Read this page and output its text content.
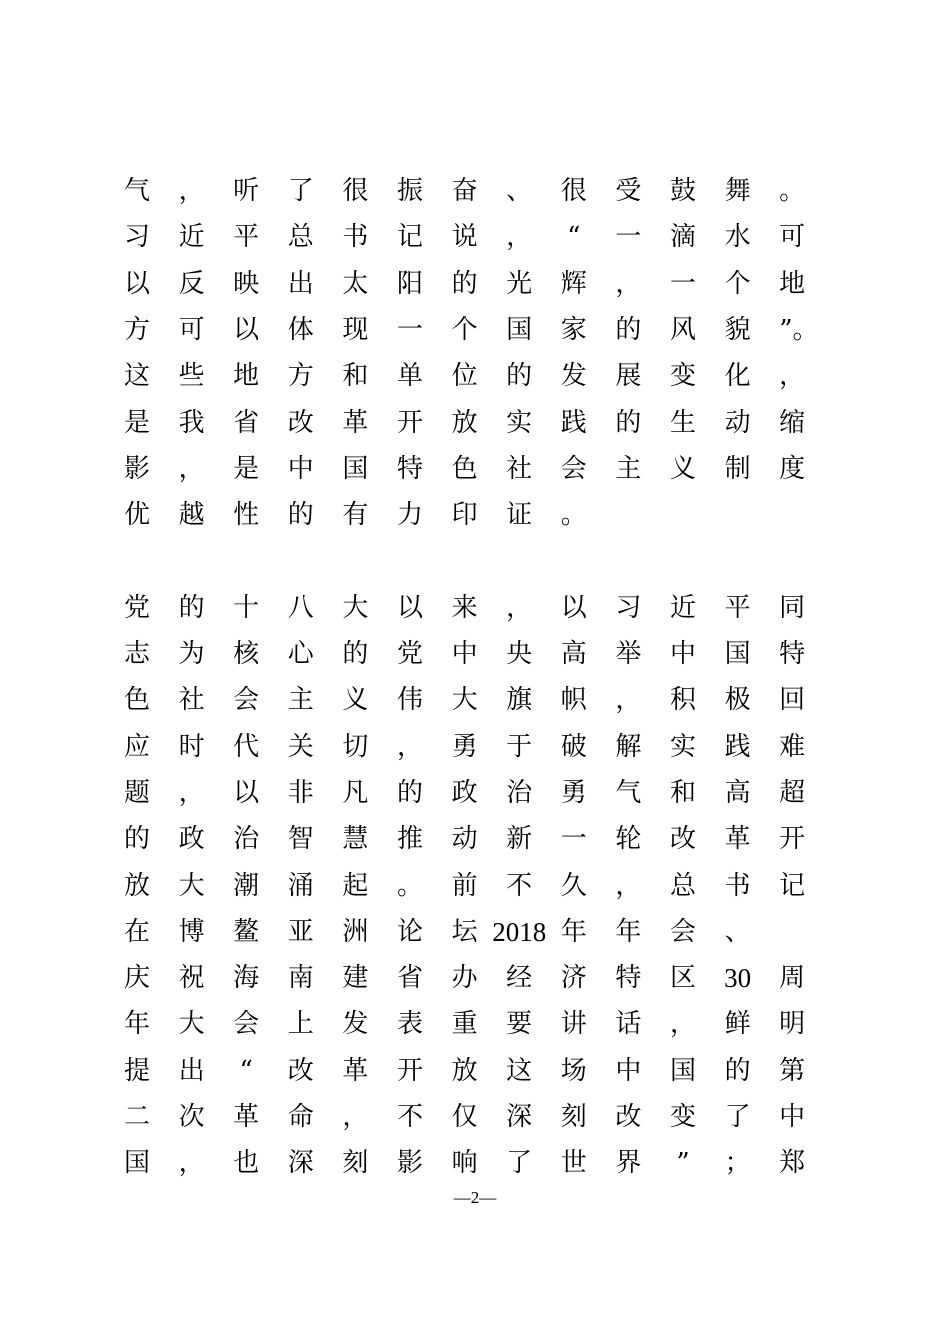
气	，	听	了	很	振	奋	、	很	受	鼓	舞	。
习	近	平	总	书	记	说	，	“	一	滴	水	可
以	反	映	出	太	阳	的	光	辉	，	一	个	地
方	可	以	体	现	一	个	国	家	的	风	貌	”。
这	些	地	方	和	单	位	的	发	展	变	化	，
是	我	省	改	革	开	放	实	践	的	生	动	缩
影	，	是	中	国	特	色	社	会	主	义	制	度
优	越	性	的	有	力	印	证	。
党	的	十	八	大	以	来	，	以	习	近	平	同
志	为	核	心	的	党	中	央	高	举	中	国	特
色	社	会	主	义	伟	大	旗	帜	，	积	极	回
应	时	代	关	切	，	勇	于	破	解	实	践	难
题	，	以	非	凡	的	政	治	勇	气	和	高	超
的	政	治	智	慧	推	动	新	一	轮	改	革	开
放	大	潮	涌	起	。	前	不	久	，	总	书	记
在	博	鳌	亚	洲	论	坛 2018 年	年	会	、
庆	祝	海	南	建	省	办	经	济	特	区	30	周
年	大	会	上	发	表	重	要	讲	话	，	鲜	明
提	出	“	改	革	开	放	这	场	中	国	的	第
二	次	革	命	，	不	仅	深	刻	改	变	了	中
国	，	也	深	刻	影	响	了	世	界	”	；	郑
—2—
